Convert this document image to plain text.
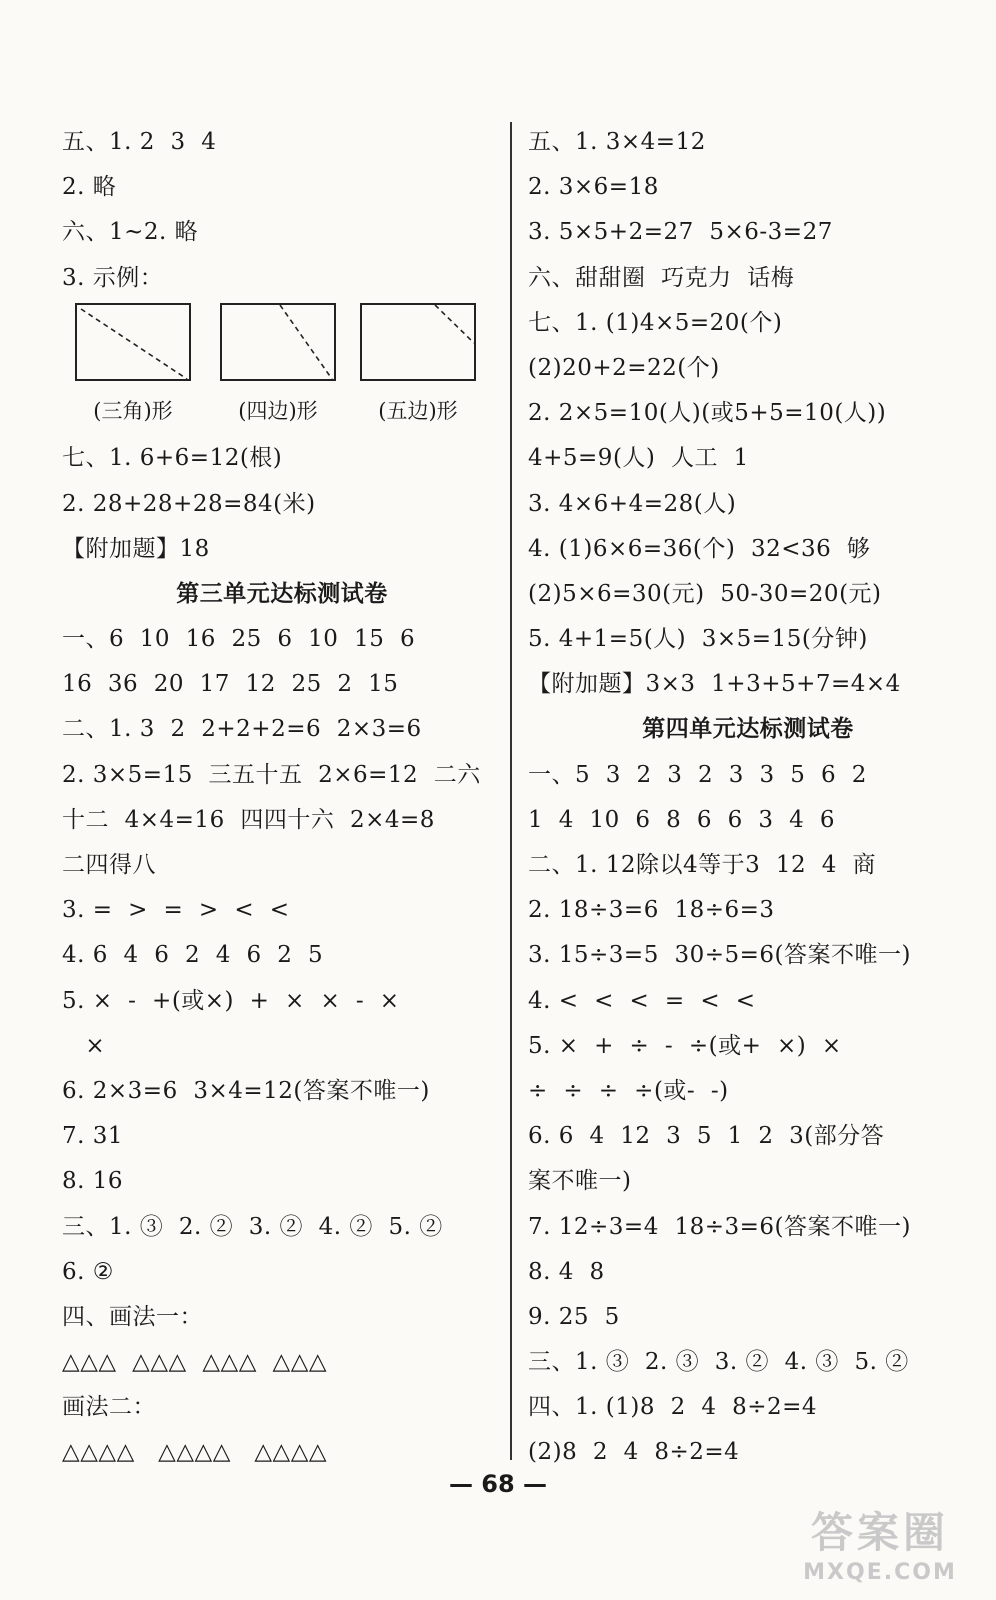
五、1. 2  3  4
2. 略
六、1~2. 略
3. 示例：
七、1. 6+6=12(根)
2. 28+28+28=84(米)
【附加题】18
第三单元达标测试卷
一、6  10  16  25  6  10  15  6
16  36  20  17  12  25  2  15
二、1. 3  2  2+2+2=6  2×3=6
2. 3×5=15  三五十五  2×6=12  二六
十二  4×4=16  四四十六  2×4=8
二四得八
3. =  >  =  >  <  <
4. 6  4  6  2  4  6  2  5
5. ×  -  +(或×)  +  ×  ×  -  ×
×
6. 2×3=6  3×4=12(答案不唯一)
7. 31
8. 16
三、1. ③  2. ②  3. ②  4. ②  5. ②
6. ②
四、画法一：
△△△  △△△  △△△  △△△
画法二：
△△△△   △△△△   △△△△
五、1. 3×4=12
2. 3×6=18
3. 5×5+2=27  5×6-3=27
六、甜甜圈  巧克力  话梅
七、1. (1)4×5=20(个)
(2)20+2=22(个)
2. 2×5=10(人)(或5+5=10(人))
4+5=9(人)  人工  1
3. 4×6+4=28(人)
4. (1)6×6=36(个)  32<36  够
(2)5×6=30(元)  50-30=20(元)
5. 4+1=5(人)  3×5=15(分钟)
【附加题】3×3  1+3+5+7=4×4
第四单元达标测试卷
一、5  3  2  3  2  3  3  5  6  2
1  4  10  6  8  6  6  3  4  6
二、1. 12除以4等于3  12  4  商
2. 18÷3=6  18÷6=3
3. 15÷3=5  30÷5=6(答案不唯一)
4. <  <  <  =  <  <
5. ×  +  ÷  -  ÷(或+  ×)  ×
÷  ÷  ÷  ÷(或-  -)
6. 6  4  12  3  5  1  2  3(部分答
案不唯一)
7. 12÷3=4  18÷3=6(答案不唯一)
8. 4  8
9. 25  5
三、1. ③  2. ③  3. ②  4. ③  5. ②
四、1. (1)8  2  4  8÷2=4
(2)8  2  4  8÷2=4
(三角)形	(四边)形	(五边)形
— 68 —
答案圈
MXQE.COM
